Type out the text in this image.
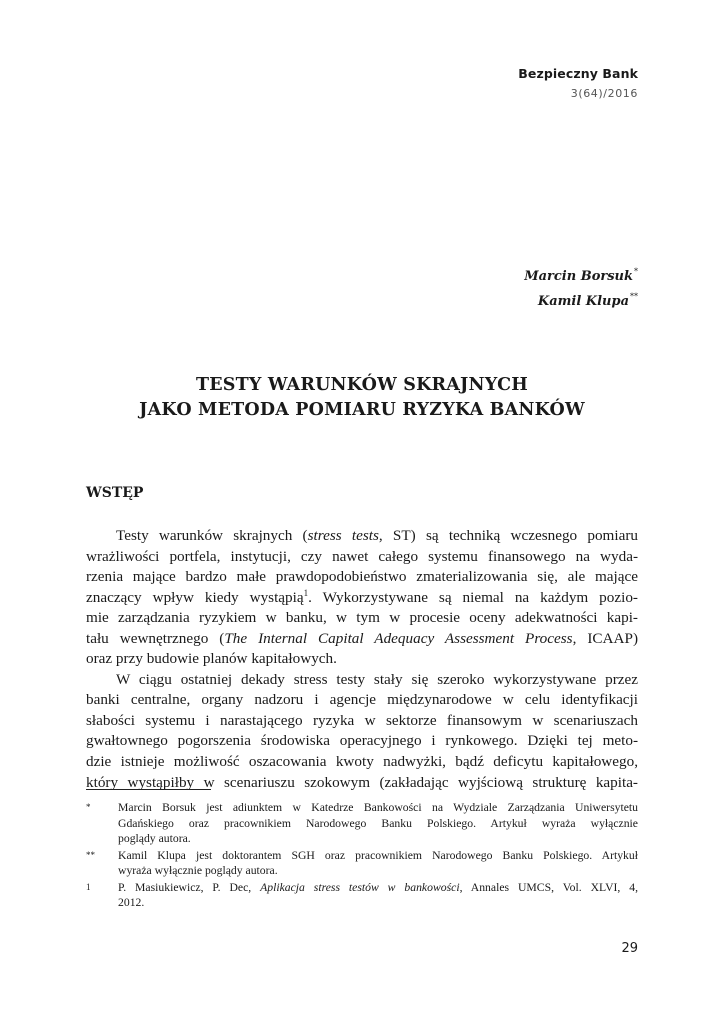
Bezpieczny Bank
3(64)/2016
Marcin Borsuk*
Kamil Klupa**
TESTY WARUNKÓW SKRAJNYCH
JAKO METODA POMIARU RYZYKA BANKÓW
WSTĘP
Testy warunków skrajnych (stress tests, ST) są techniką wczesnego pomiaru
wrażliwości portfela, instytucji, czy nawet całego systemu finansowego na wyda-
rzenia mające bardzo małe prawdopodobieństwo zmaterializowania się, ale mające
znaczący wpływ kiedy wystąpią$^1$. Wykorzystywane są niemal na każdym pozio-
mie zarządzania ryzykiem w banku, w tym w procesie oceny adekwatności kapi-
tału wewnętrznego (The Internal Capital Adequacy Assessment Process, ICAAP)
oraz przy budowie planów kapitałowych.
W ciągu ostatniej dekady stress testy stały się szeroko wykorzystywane przez
banki centralne, organy nadzoru i agencje międzynarodowe w celu identyfikacji
słabości systemu i narastającego ryzyka w sektorze finansowym w scenariuszach
gwałtownego pogorszenia środowiska operacyjnego i rynkowego. Dzięki tej meto-
dzie istnieje możliwość oszacowania kwoty nadwyżki, bądź deficytu kapitałowego,
który wystąpiłby w scenariuszu szokowym (zakładając wyjściową strukturę kapita-
* Marcin Borsuk jest adiunktem w Katedrze Bankowości na Wydziale Zarządzania Uniwersytetu
Gdańskiego oraz pracownikiem Narodowego Banku Polskiego. Artykuł wyraża wyłącznie
poglądy autora.
** Kamil Klupa jest doktorantem SGH oraz pracownikiem Narodowego Banku Polskiego. Artykuł
wyraża wyłącznie poglądy autora.
1 P. Masiukiewicz, P. Dec, Aplikacja stress testów w bankowości, Annales UMCS, Vol. XLVI, 4,
2012.
29
